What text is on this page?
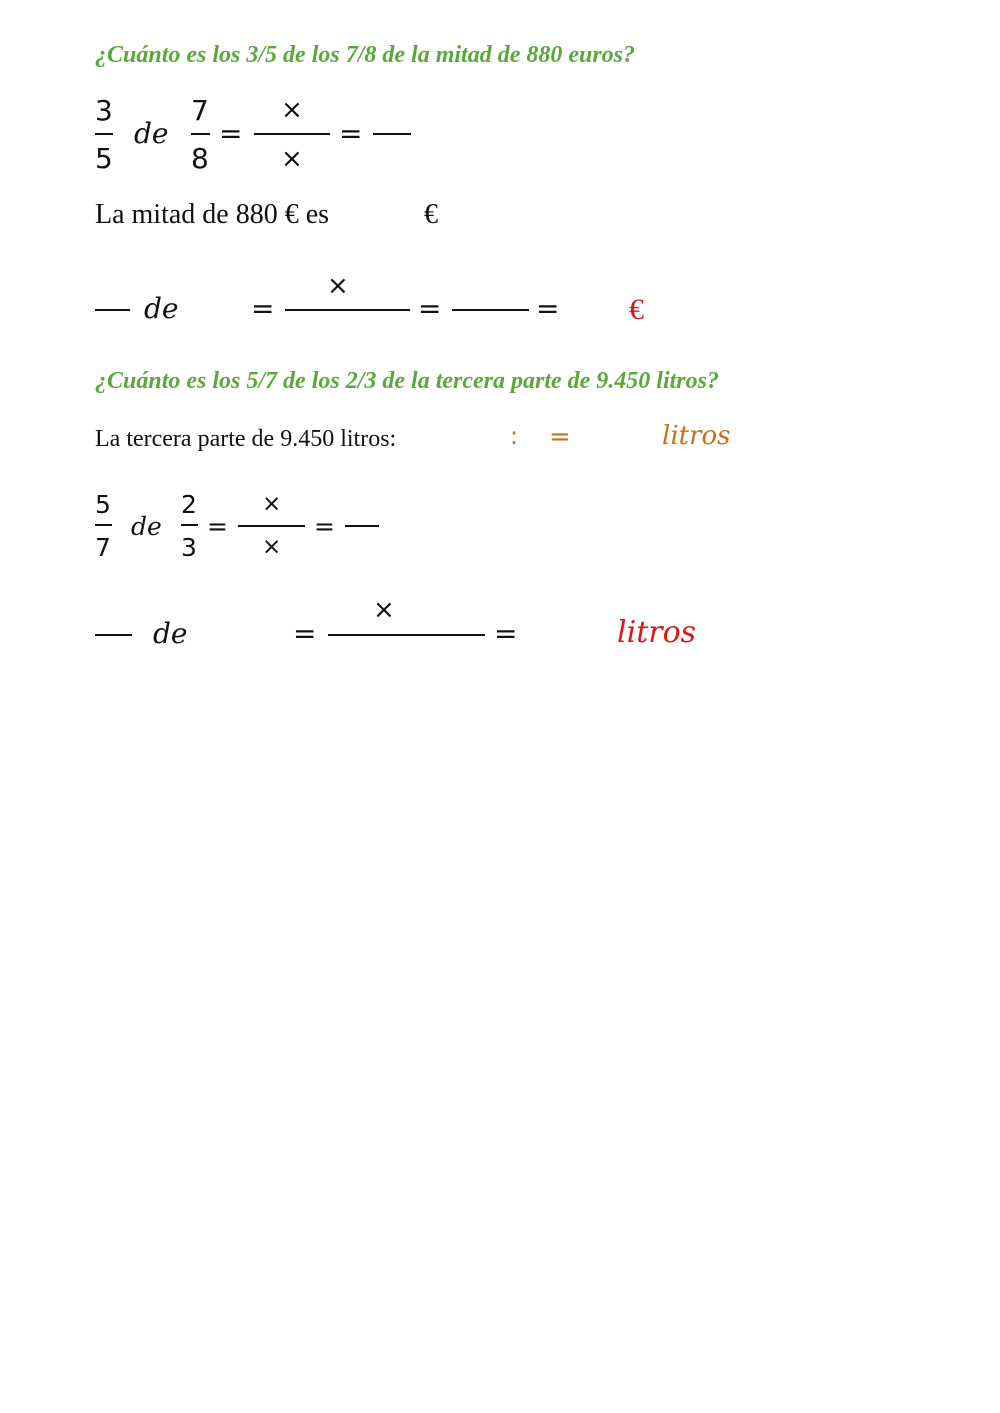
¿Cuánto es los 3/5 de los 7/8 de la mitad de 880 euros?
3
5
de
7
8
=
×
×
=
La mitad de 880 € es	€
de	=
×
=	= €
¿Cuánto es los 5/7 de los 2/3 de la tercera parte de 9.450 litros?
La tercera parte de 9.450 litros:	: =	litros
5
7
de
2
3
=
×
×
=
de	=
×
=	litros
